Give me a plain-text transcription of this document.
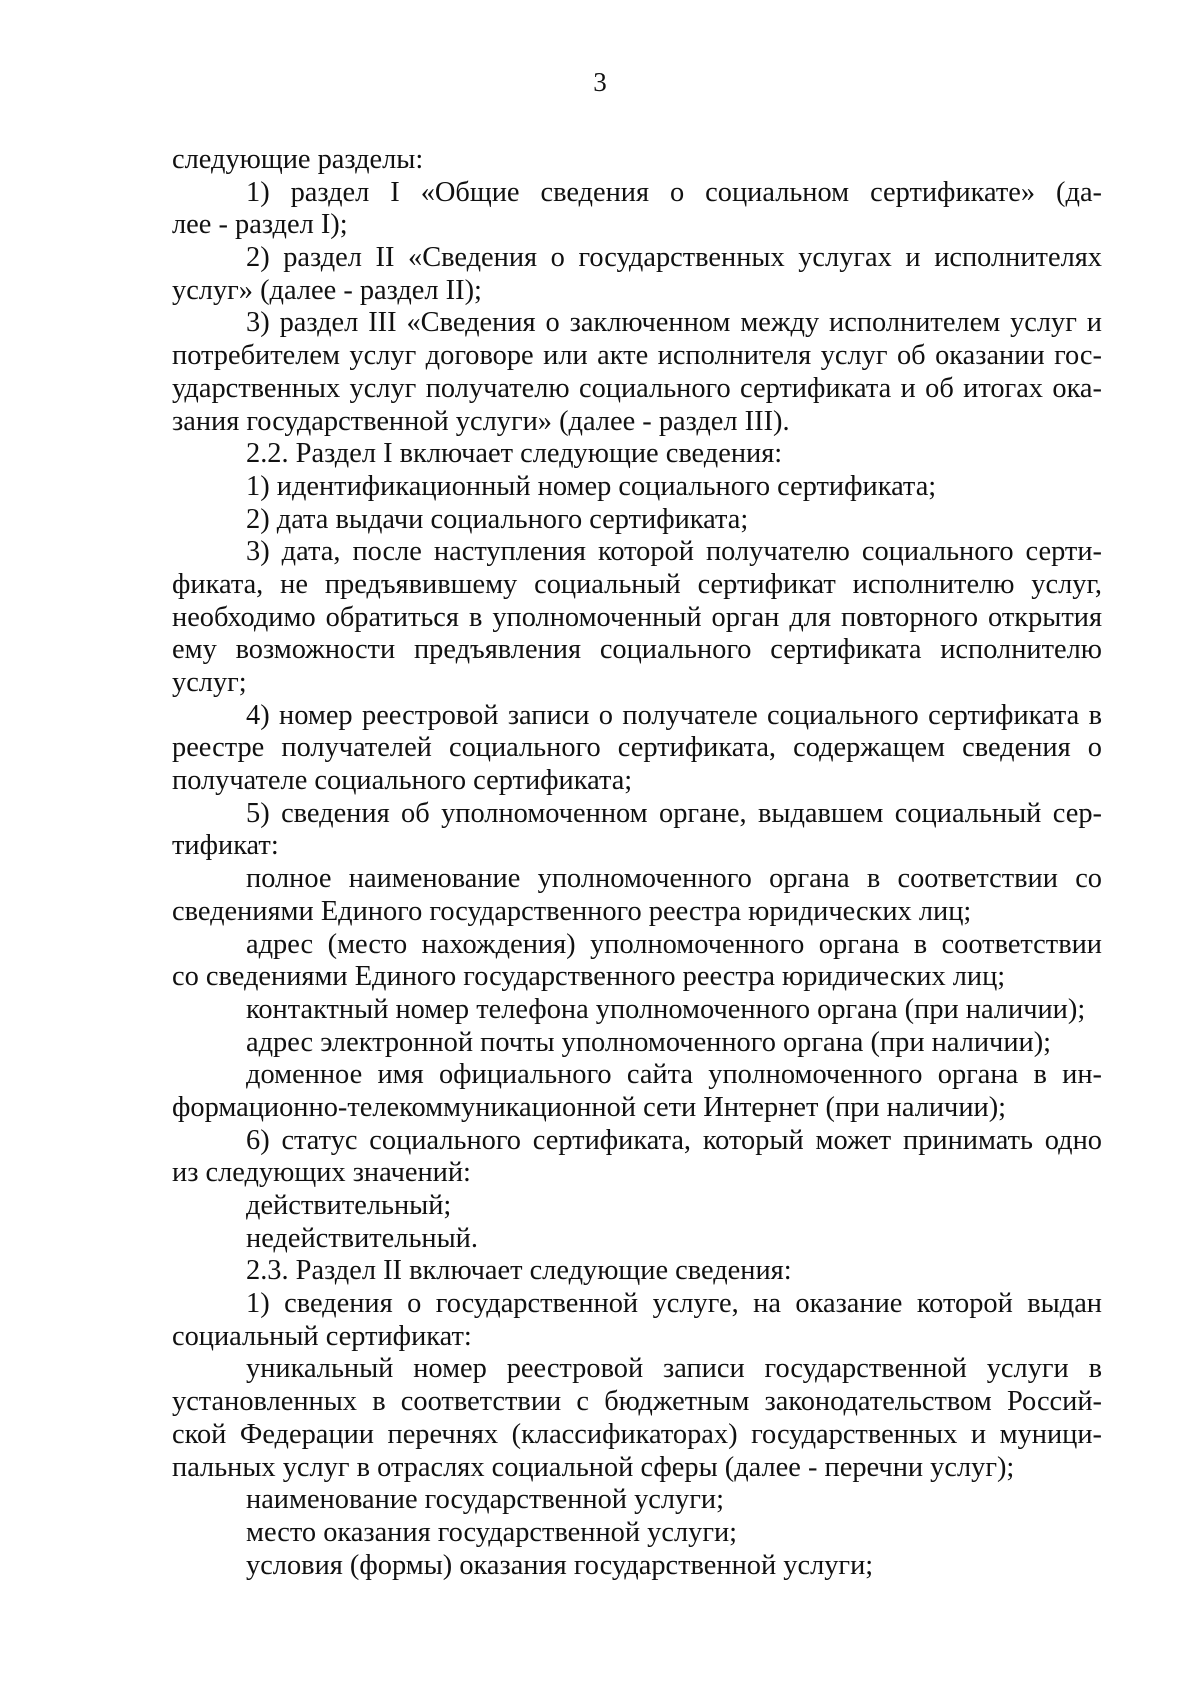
3
следующие разделы:
1) раздел I «Общие сведения о социальном сертификате» (да-
лее - раздел I);
2) раздел II «Сведения о государственных услугах и исполнителях
услуг» (далее - раздел II);
3) раздел III «Сведения о заключенном между исполнителем услуг и
потребителем услуг договоре или акте исполнителя услуг об оказании гос-
ударственных услуг получателю социального сертификата и об итогах ока-
зания государственной услуги» (далее - раздел III).
2.2. Раздел I включает следующие сведения:
1) идентификационный номер социального сертификата;
2) дата выдачи социального сертификата;
3) дата, после наступления которой получателю социального серти-
фиката, не предъявившему социальный сертификат исполнителю услуг,
необходимо обратиться в уполномоченный орган для повторного открытия
ему возможности предъявления социального сертификата исполнителю
услуг;
4) номер реестровой записи о получателе социального сертификата в
реестре получателей социального сертификата, содержащем сведения о
получателе социального сертификата;
5) сведения об уполномоченном органе, выдавшем социальный сер-
тификат:
полное наименование уполномоченного органа в соответствии со
сведениями Единого государственного реестра юридических лиц;
адрес (место нахождения) уполномоченного органа в соответствии
со сведениями Единого государственного реестра юридических лиц;
контактный номер телефона уполномоченного органа (при наличии);
адрес электронной почты уполномоченного органа (при наличии);
доменное имя официального сайта уполномоченного органа в ин-
формационно-телекоммуникационной сети Интернет (при наличии);
6) статус социального сертификата, который может принимать одно
из следующих значений:
действительный;
недействительный.
2.3. Раздел II включает следующие сведения:
1) сведения о государственной услуге, на оказание которой выдан
социальный сертификат:
уникальный номер реестровой записи государственной услуги в
установленных в соответствии с бюджетным законодательством Россий-
ской Федерации перечнях (классификаторах) государственных и муници-
пальных услуг в отраслях социальной сферы (далее - перечни услуг);
наименование государственной услуги;
место оказания государственной услуги;
условия (формы) оказания государственной услуги;
